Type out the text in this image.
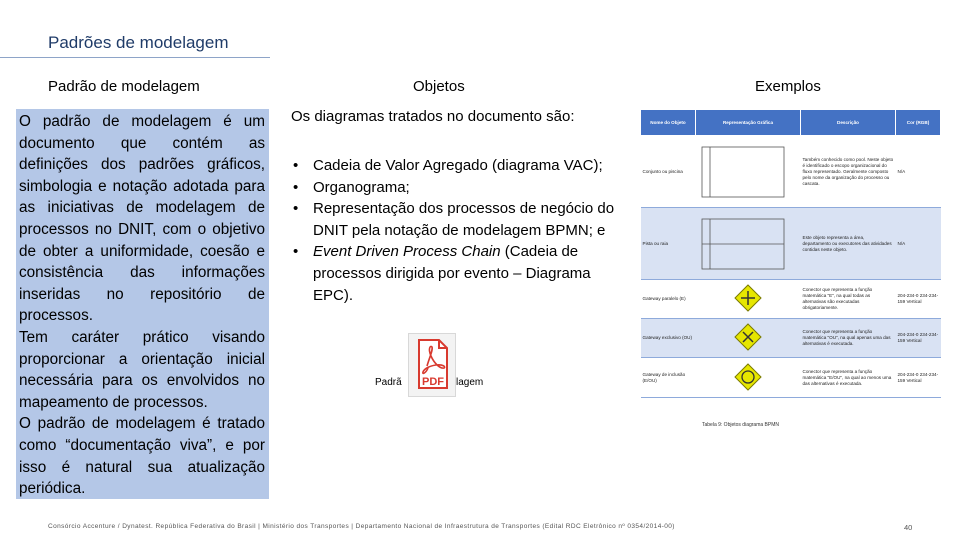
Padrões de modelagem
Padrão de modelagem	Objetos	Exemplos

O padrão de modelagem é um documento que contém as definições dos padrões gráficos, simbologia e notação adotada para as iniciativas de modelagem de processos no DNIT, com o objetivo de obter a uniformidade, coesão e consistência das informações inseridas no repositório de processos.

Tem caráter prático visando proporcionar a orientação inicial necessária para os envolvidos no mapeamento de processos.

O padrão de modelagem é tratado como “documentação viva”, e por isso é natural sua atualização periódica.

Os diagramas tratados no documento são:

• Cadeia de Valor Agregado (diagrama VAC);
• Organograma;
• Representação dos processos de negócio do DNIT pela notação de modelagem BPMN; e
• Event Driven Process Chain (Cadeia de processos dirigida por evento – Diagrama EPC).
Padrã	lagem
PDF
Nome do Objeto	Representação Gráfica	Descrição	Cor (RGB)
Conjunto ou piscina		Também conhecido como pool. Neste objeto é identificado o escopo organizacional do fluxo representado. Geralmente composto pelo nome da organização do processo ou cascata.	N/A
Pista ou raia		Este objeto representa a área, departamento ou executores das atividades contidas neste objeto.	N/A
Gateway paralelo (E)		Conector que representa a função matemática "E", na qual todas as alternativas são executadas obrigatoriamente.	204-234-0 234-234-159 Vertical
Gateway exclusivo (OU)		Conector que representa a função matemática "OU", na qual apenas uma das alternativas é executada.	204-234-0 234-234-159 Vertical
Gateway de inclusão (E/OU)		Conector que representa a função matemática "E/OU", na qual ao menos uma das alternativas é executada.	204-234-0 234-234-159 Vertical
Tabela 9: Objetos diagrama BPMN
Consórcio Accenture / Dynatest. República Federativa do Brasil | Ministério dos Transportes | Departamento Nacional de Infraestrutura de Transportes (Edital RDC Eletrônico nº 0354/2014-00)	40
